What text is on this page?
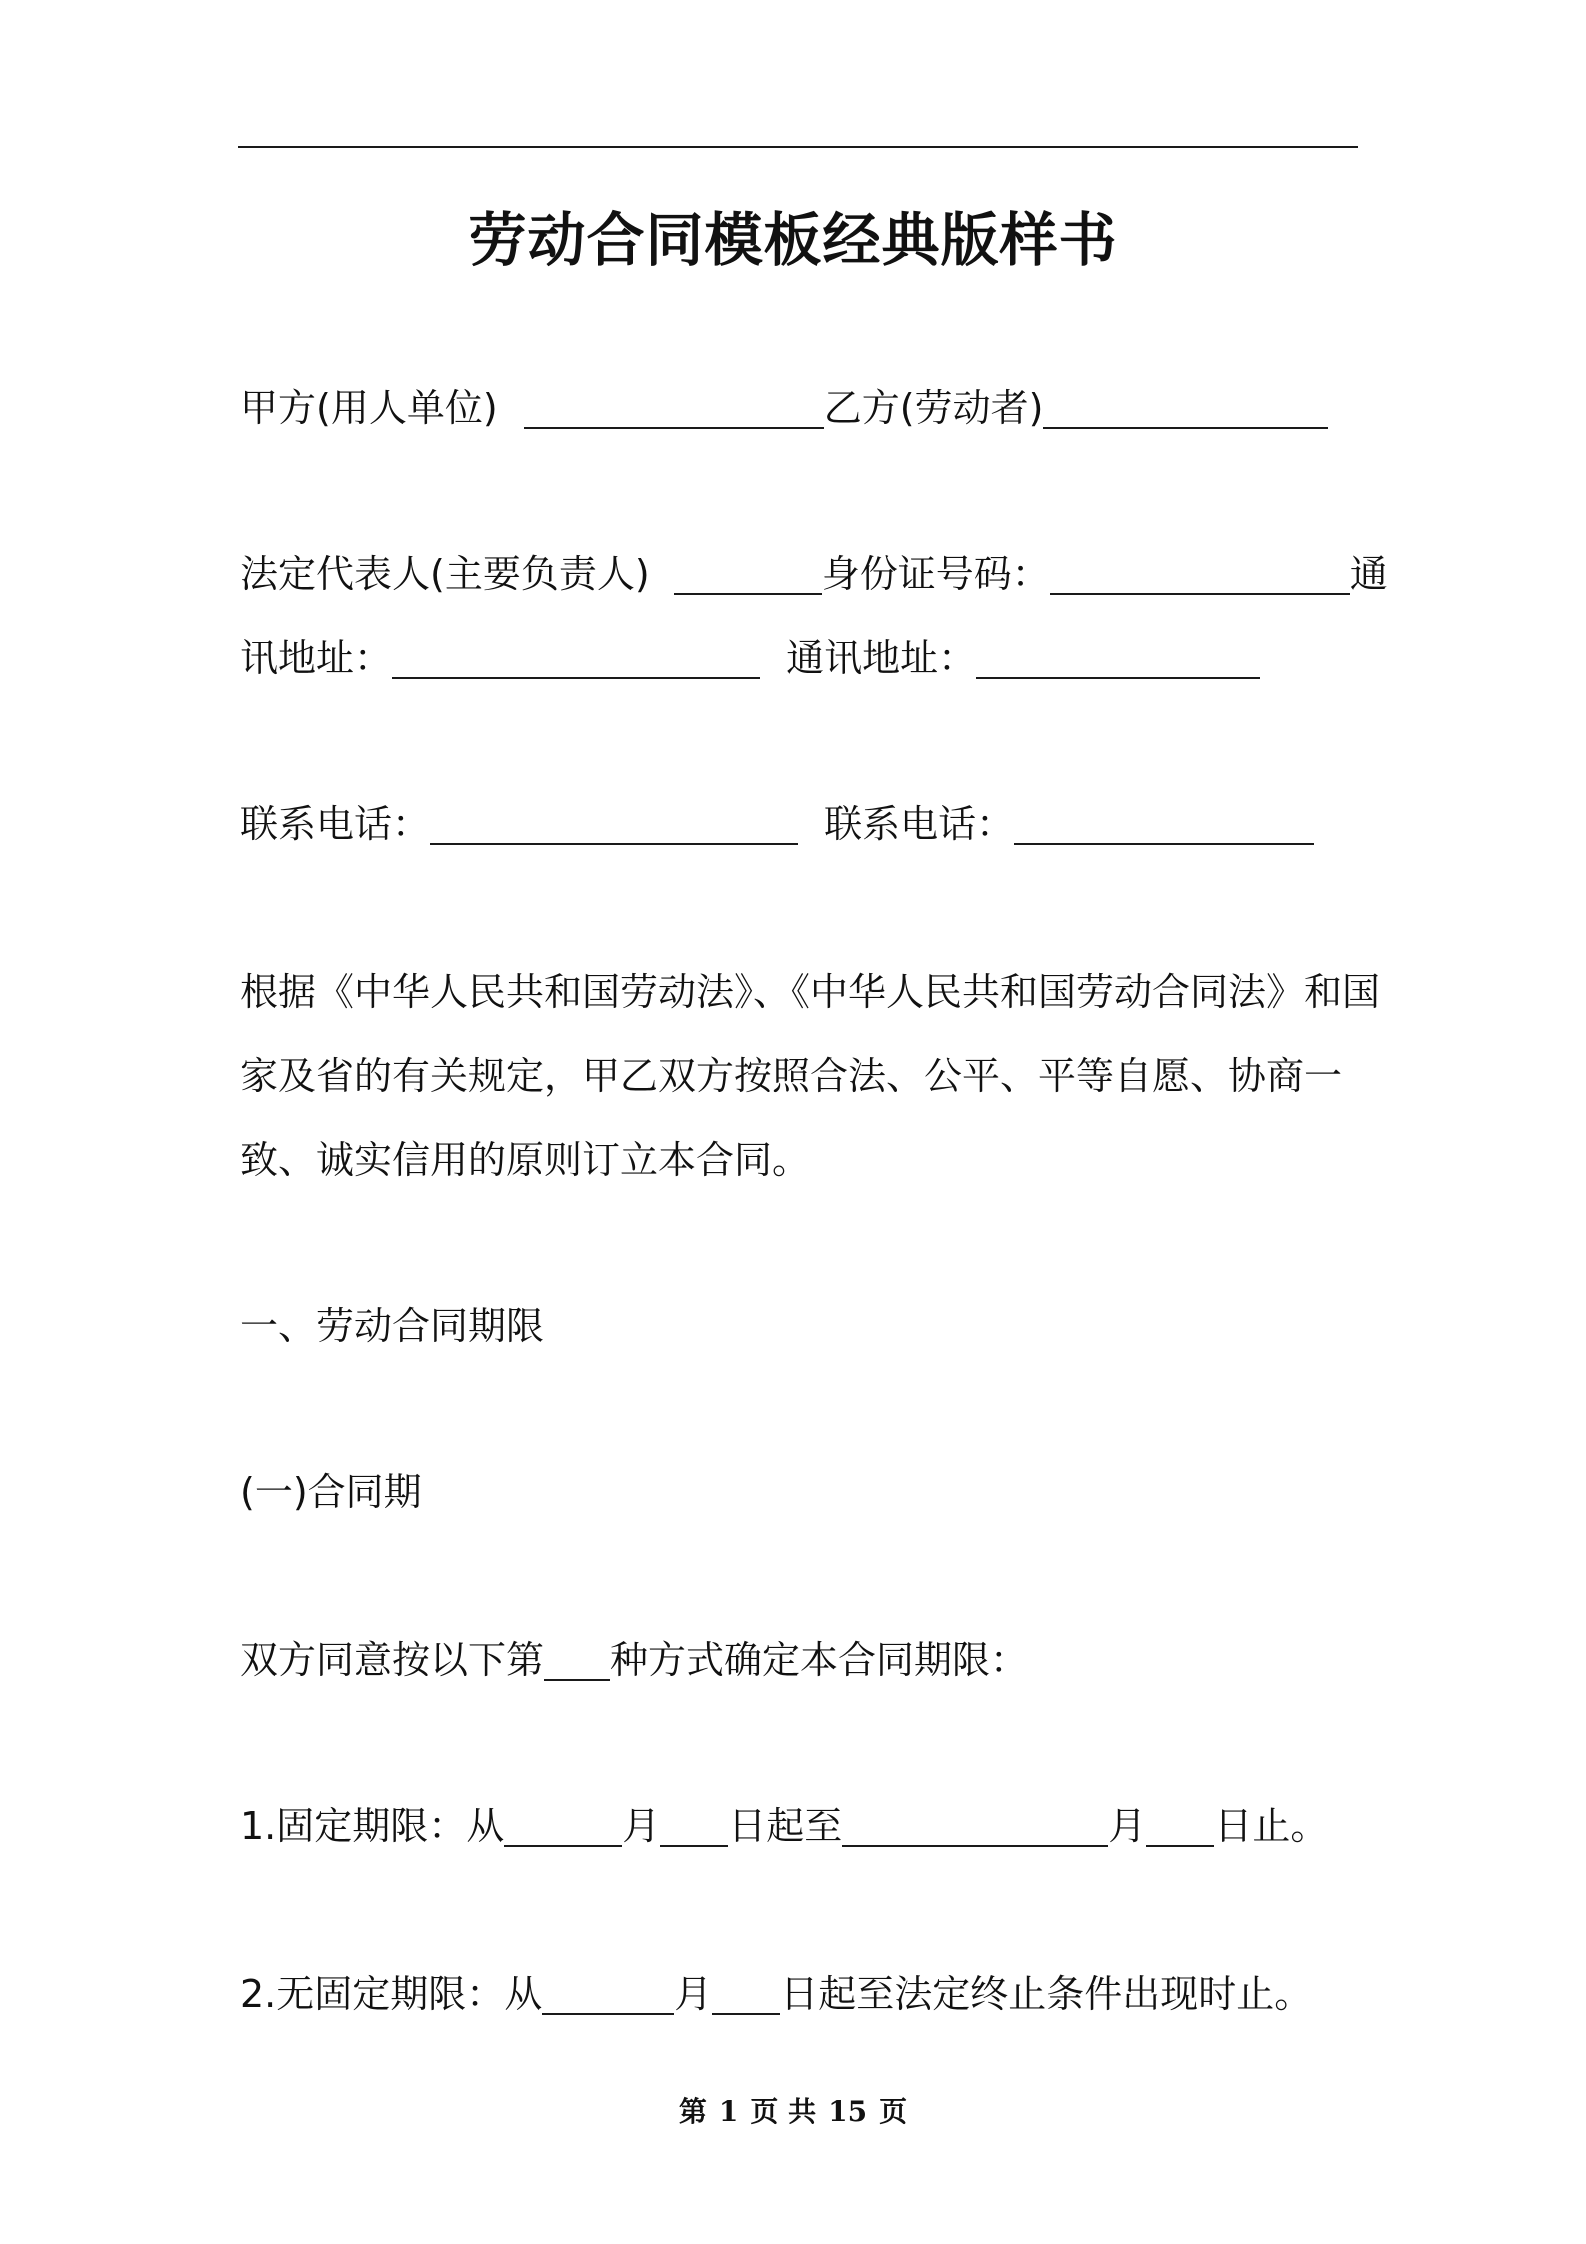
劳动合同模板经典版样书
甲方(用人单位)	乙方(劳动者)
法定代表人(主要负责人)	身份证号码：	通
讯地址：	通讯地址：
联系电话：	联系电话：
根据《中华人民共和国劳动法》、《中华人民共和国劳动合同法》和国家及省的有关规定，甲乙双方按照合法、公平、平等自愿、协商一致、诚实信用的原则订立本合同。
一、劳动合同期限
(一)合同期
双方同意按以下第 种方式确定本合同期限：
1.固定期限：从	月 日起至	月 日止。
2.无固定期限：从	月 日起至法定终止条件出现时止。
第 1 页 共 15 页
